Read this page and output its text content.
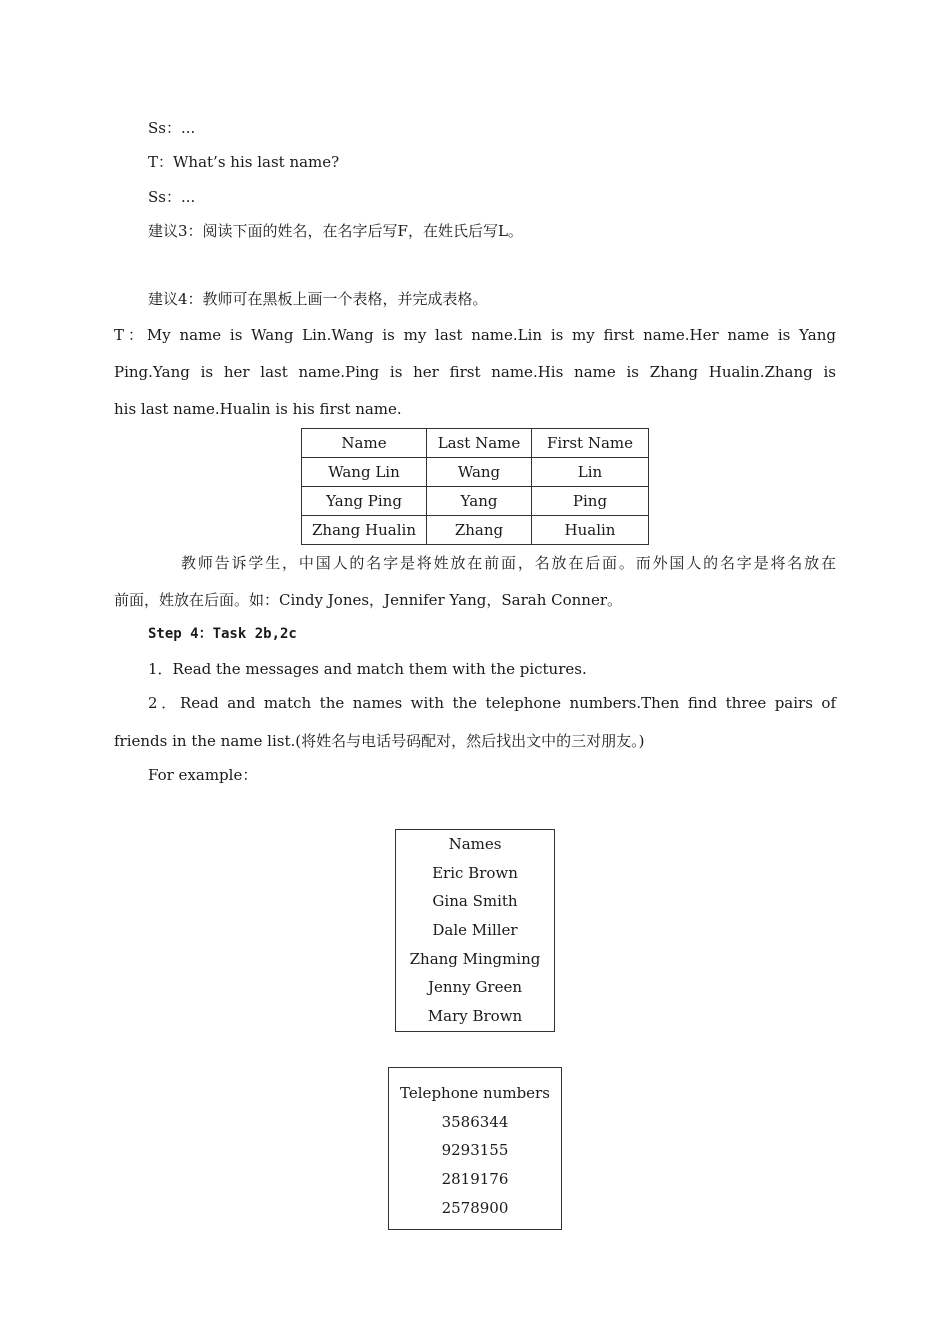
Ss：...
T：What’s his last name?
Ss：...
建议3：阅读下面的姓名，在名字后写F，在姓氏后写L。
建议4：教师可在黑板上画一个表格，并完成表格。
T：My name is Wang Lin.Wang is my last name.Lin is my first name.Her name is Yang
Ping.Yang is her last name.Ping is her first name.His name is Zhang Hualin.Zhang is
his last name.Hualin is his first name.
Name	Last Name	First Name
Wang Lin	Wang	Lin
Yang Ping	Yang	Ping
Zhang Hualin	Zhang	Hualin
教师告诉学生，中国人的名字是将姓放在前面，名放在后面。而外国人的名字是将名放在
前面，姓放在后面。如：Cindy Jones，Jennifer Yang，Sarah Conner。
Step 4：Task 2b,2c
1．Read the messages and match them with the pictures.
2．Read and match the names with the telephone numbers.Then find three pairs of
friends in the name list.(将姓名与电话号码配对，然后找出文中的三对朋友。)
For example：
Names
Eric Brown
Gina Smith
Dale Miller
Zhang Mingming
Jenny Green
Mary Brown
Telephone numbers
3586344
9293155
2819176
2578900
